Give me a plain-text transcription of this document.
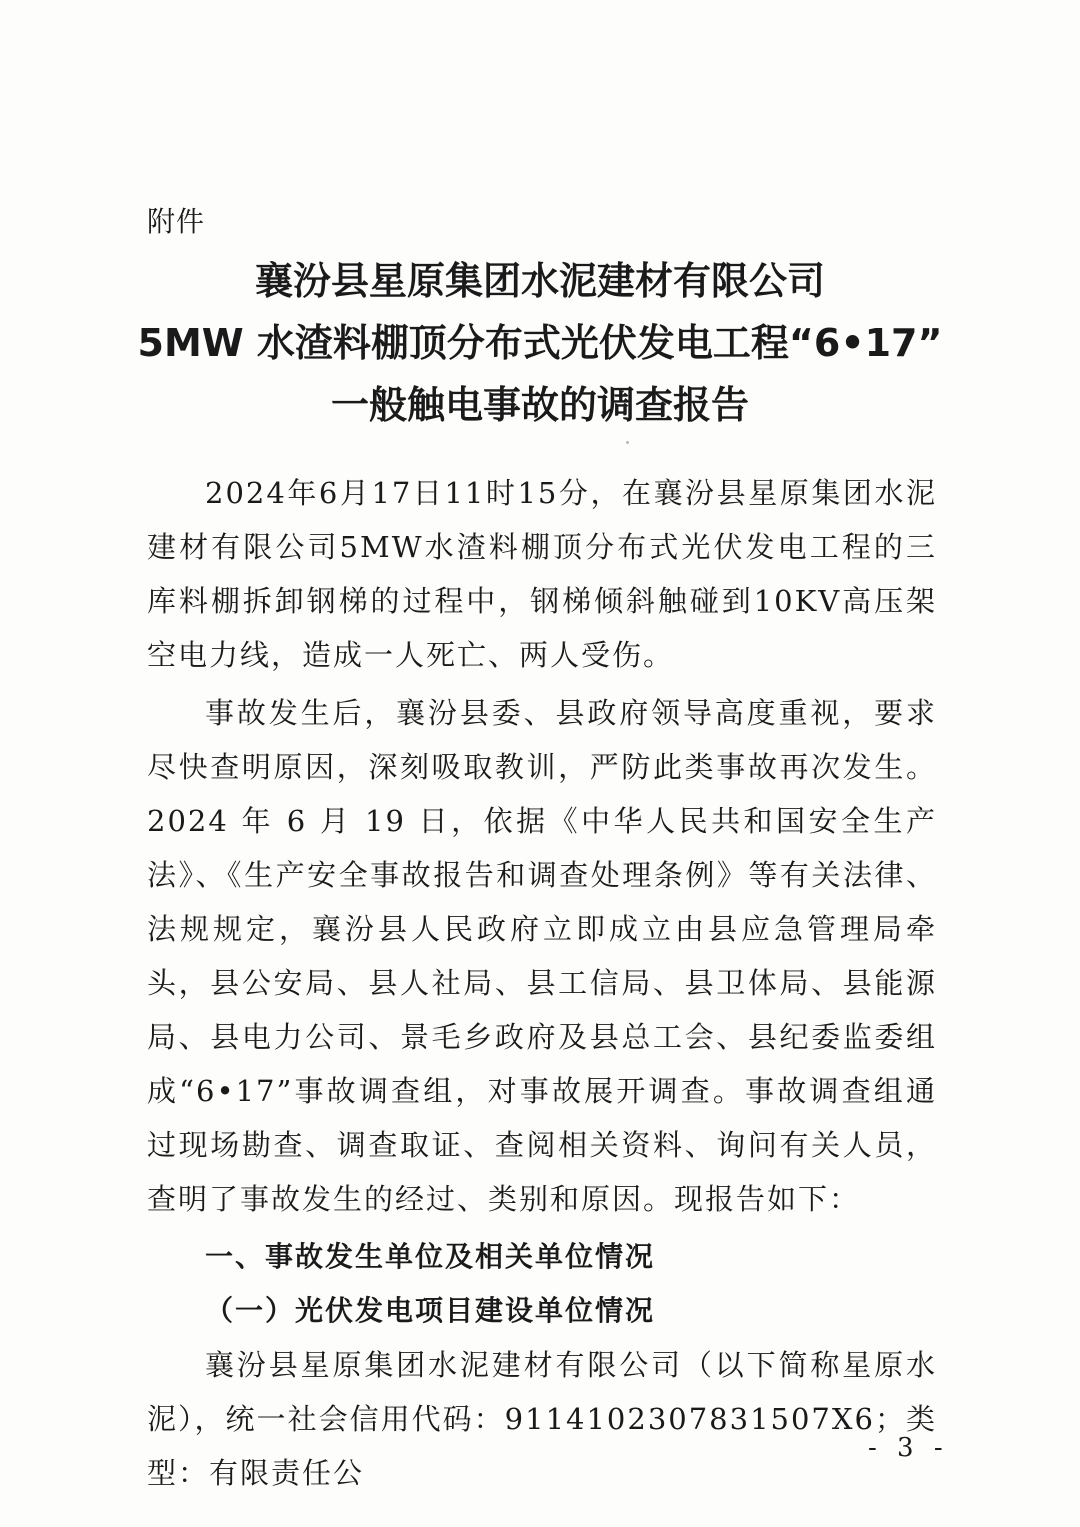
附件
襄汾县星原集团水泥建材有限公司
5MW 水渣料棚顶分布式光伏发电工程“6•17”
一般触电事故的调查报告

2024年6月17日11时15分，在襄汾县星原集团水泥建材有限公司5MW水渣料棚顶分布式光伏发电工程的三库料棚拆卸钢梯的过程中，钢梯倾斜触碰到10KV高压架空电力线，造成一人死亡、两人受伤。

事故发生后，襄汾县委、县政府领导高度重视，要求尽快查明原因，深刻吸取教训，严防此类事故再次发生。2024 年 6 月 19 日，依据《中华人民共和国安全生产法》、《生产安全事故报告和调查处理条例》等有关法律、法规规定，襄汾县人民政府立即成立由县应急管理局牵头，县公安局、县人社局、县工信局、县卫体局、县能源局、县电力公司、景毛乡政府及县总工会、县纪委监委组成“6•17”事故调查组，对事故展开调查。事故调查组通过现场勘查、调查取证、查阅相关资料、询问有关人员，查明了事故发生的经过、类别和原因。现报告如下：

一、事故发生单位及相关单位情况

（一）光伏发电项目建设单位情况

襄汾县星原集团水泥建材有限公司（以下简称星原水泥），统一社会信用代码：9114102307831507X6；类型：有限责任公

- 3 -
